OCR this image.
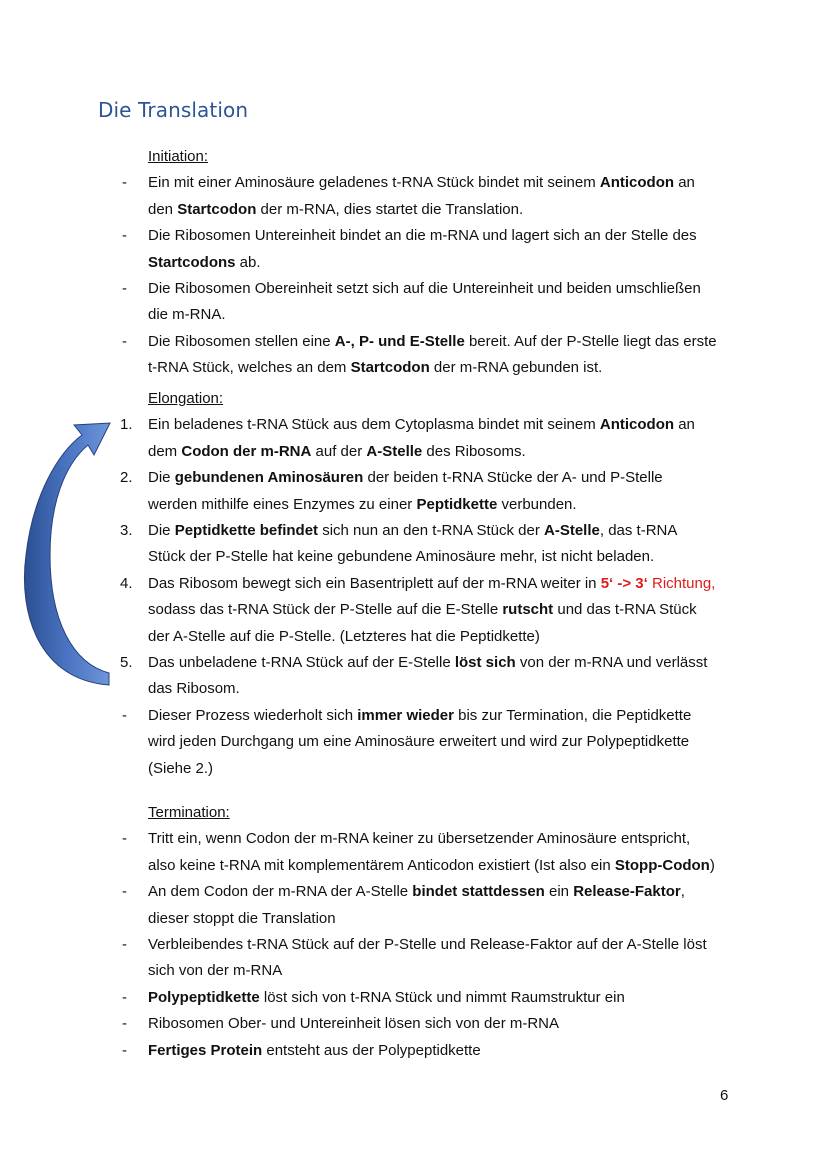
Die Translation
Initiation:
-	Ein mit einer Aminosäure geladenes t-RNA Stück bindet mit seinem Anticodon an
den Startcodon der m-RNA, dies startet die Translation.
-	Die Ribosomen Untereinheit bindet an die m-RNA und lagert sich an der Stelle des
Startcodons ab.
-	Die Ribosomen Obereinheit setzt sich auf die Untereinheit und beiden umschließen
die m-RNA.
-	Die Ribosomen stellen eine A-, P- und E-Stelle bereit. Auf der P-Stelle liegt das erste
t-RNA Stück, welches an dem Startcodon der m-RNA gebunden ist.
Elongation:
1.	Ein beladenes t-RNA Stück aus dem Cytoplasma bindet mit seinem Anticodon an
dem Codon der m-RNA auf der A-Stelle des Ribosoms.
2.	Die gebundenen Aminosäuren der beiden t-RNA Stücke der A- und P-Stelle
werden mithilfe eines Enzymes zu einer Peptidkette verbunden.
3.	Die Peptidkette befindet sich nun an den t-RNA Stück der A-Stelle, das t-RNA
Stück der P-Stelle hat keine gebundene Aminosäure mehr, ist nicht beladen.
4.	Das Ribosom bewegt sich ein Basentriplett auf der m-RNA weiter in 5‘ -> 3‘ Richtung,
sodass das t-RNA Stück der P-Stelle auf die E-Stelle rutscht und das t-RNA Stück
der A-Stelle auf die P-Stelle. (Letzteres hat die Peptidkette)
5.	Das unbeladene t-RNA Stück auf der E-Stelle löst sich von der m-RNA und verlässt
das Ribosom.
-	Dieser Prozess wiederholt sich immer wieder bis zur Termination, die Peptidkette
wird jeden Durchgang um eine Aminosäure erweitert und wird zur Polypeptidkette
(Siehe 2.)
Termination:
-	Tritt ein, wenn Codon der m-RNA keiner zu übersetzender Aminosäure entspricht,
also keine t-RNA mit komplementärem Anticodon existiert (Ist also ein Stopp-Codon)
-	An dem Codon der m-RNA der A-Stelle bindet stattdessen ein Release-Faktor,
dieser stoppt die Translation
-	Verbleibendes t-RNA Stück auf der P-Stelle und Release-Faktor auf der A-Stelle löst
sich von der m-RNA
-	Polypeptidkette löst sich von t-RNA Stück und nimmt Raumstruktur ein
-	Ribosomen Ober- und Untereinheit lösen sich von der m-RNA
-	Fertiges Protein entsteht aus der Polypeptidkette
6
